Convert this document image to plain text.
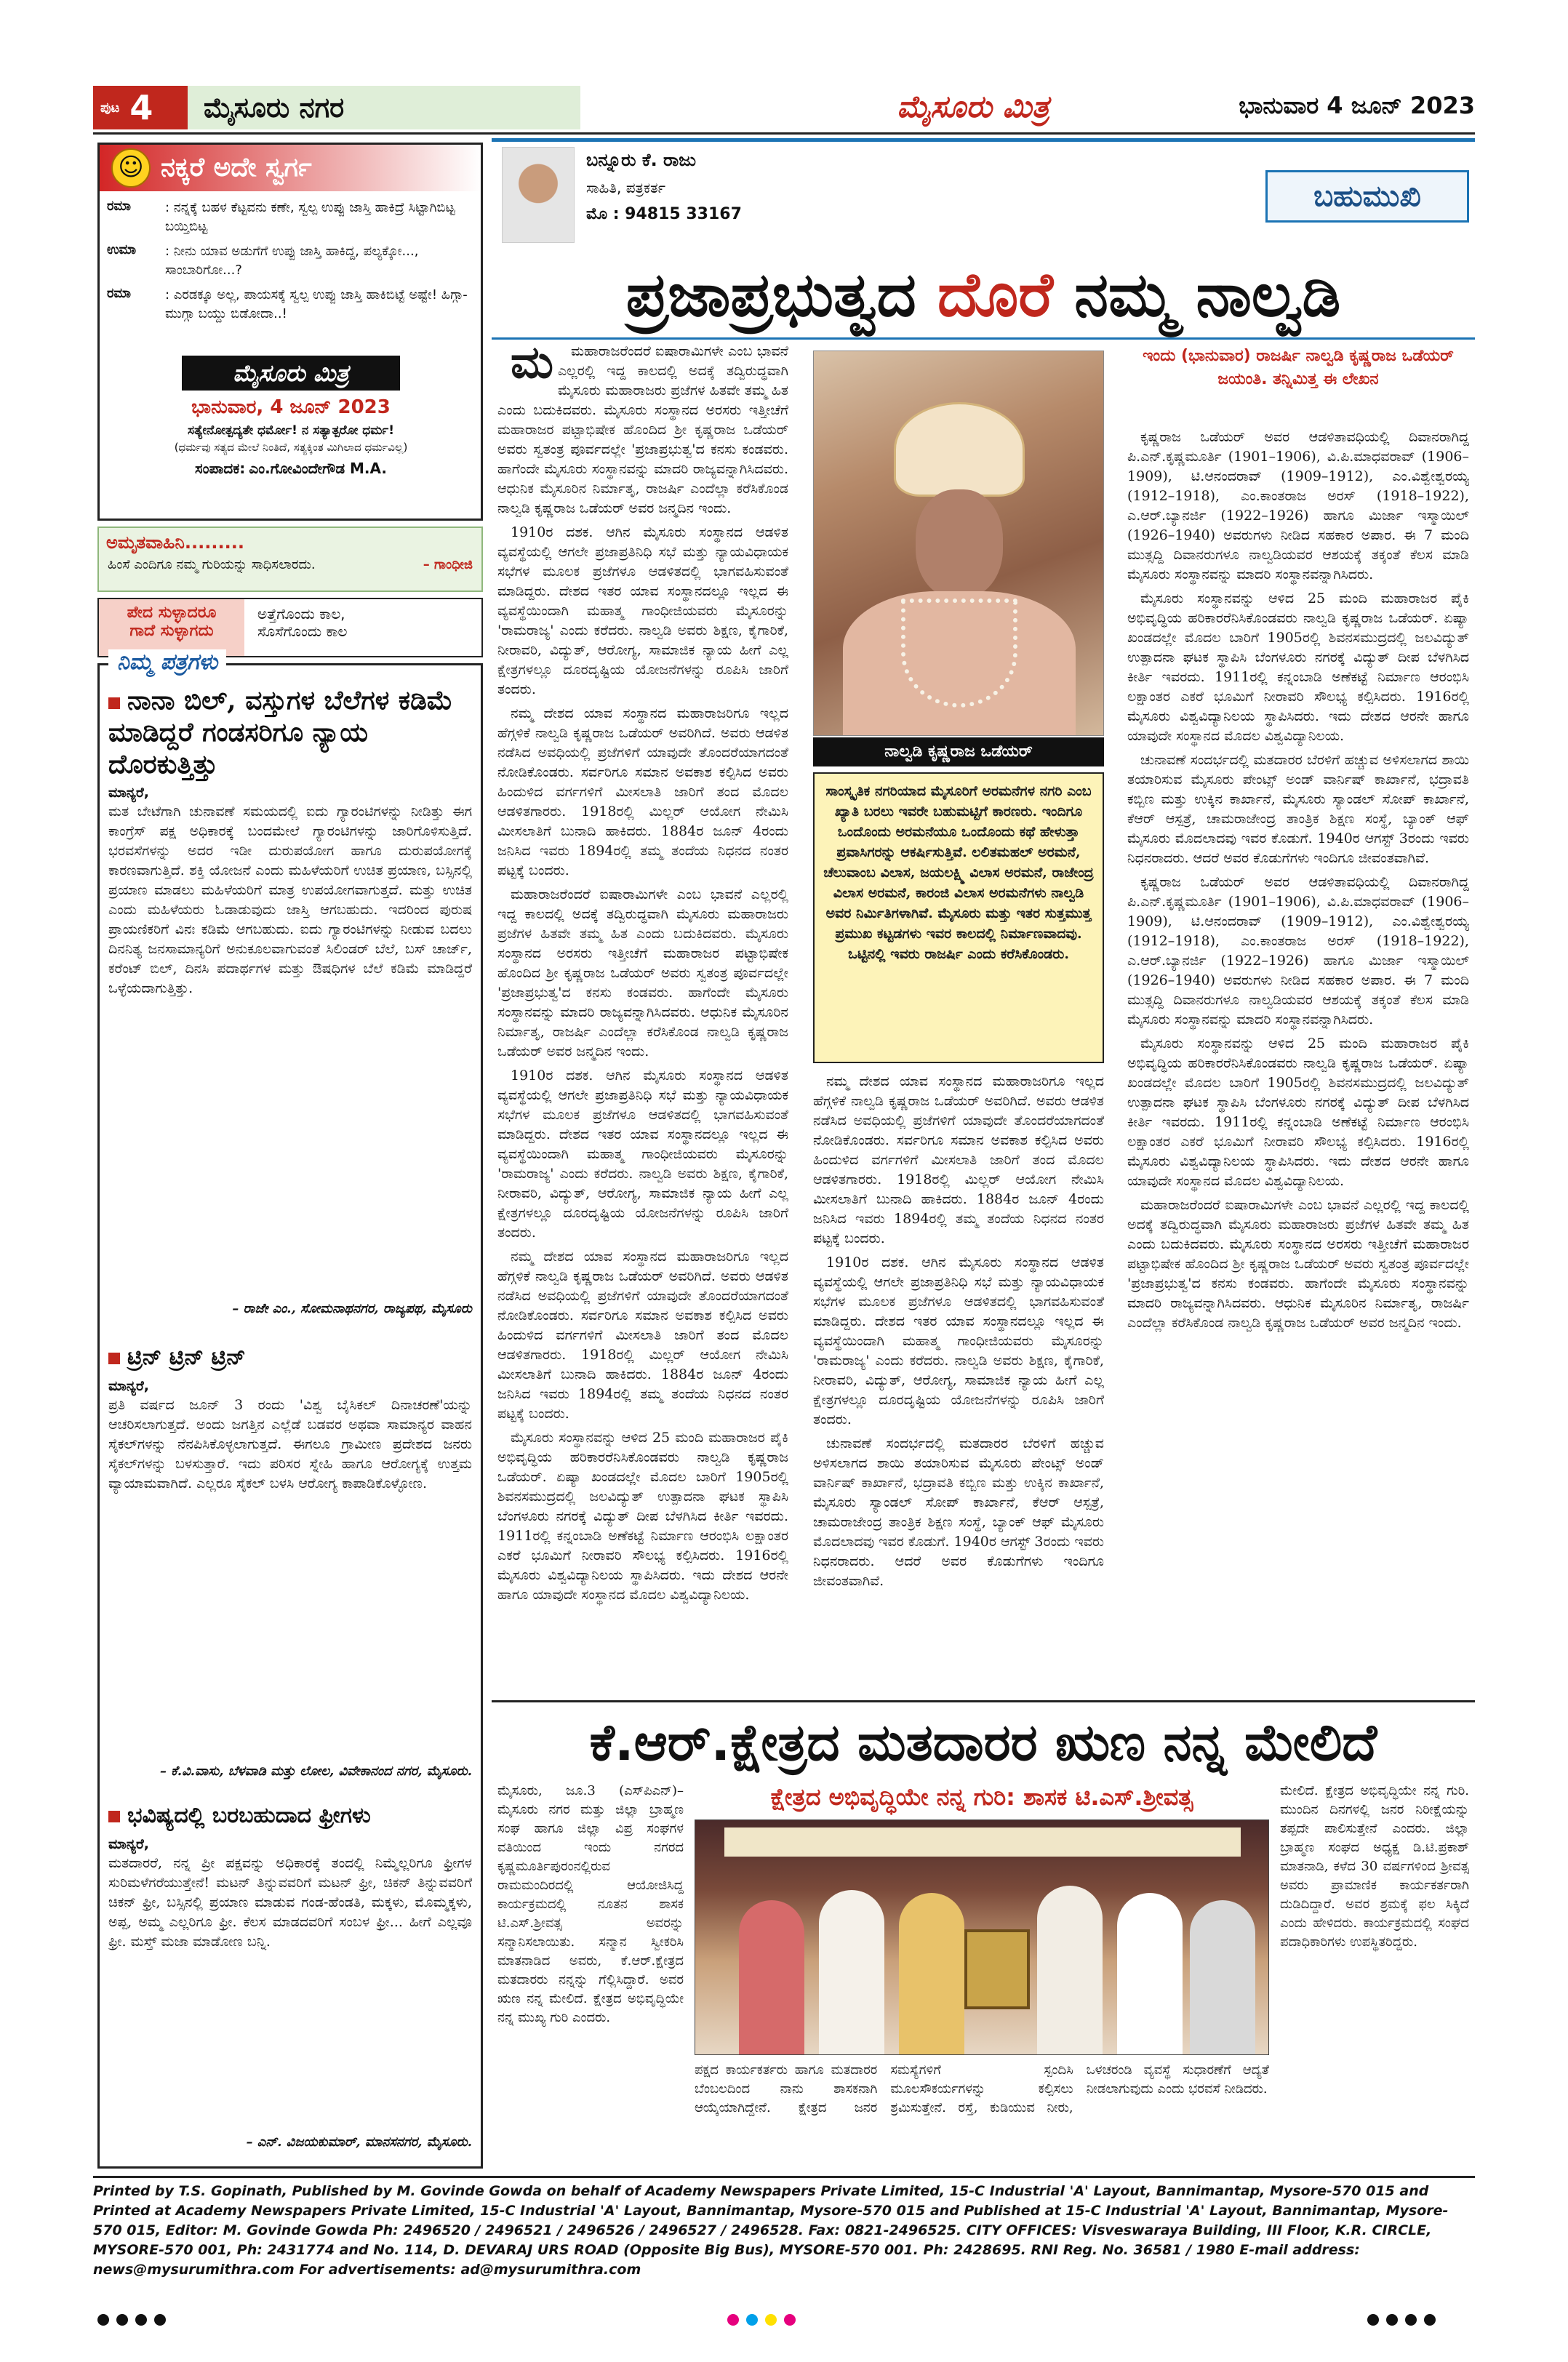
ಪುಟ 4	ಮೈಸೂರು ನಗರ	ಮೈಸೂರು ಮಿತ್ರ	ಭಾನುವಾರ 4 ಜೂನ್ 2023
☺ ನಕ್ಕರೆ ಅದೇ ಸ್ವರ್ಗ
ರಮಾ	: ನನ್ನಕ್ಕೆ ಬಹಳ ಕೆಟ್ಟವನು ಕಣೇ, ಸ್ವಲ್ಪ ಉಪ್ಪು ಜಾಸ್ತಿ ಹಾಕಿದ್ರೆ ಸಿಟ್ಟಾಗಿಬಿಟ್ಟ ಬಯ್ತಿಬಿಟ್ಟ
ಉಮಾ	: ನೀನು ಯಾವ ಅಡುಗೆಗೆ ಉಪ್ಪು ಜಾಸ್ತಿ ಹಾಕಿದ್ದ, ಪಲ್ಯಕ್ಕೋ..., ಸಾಂಬಾರಿಗೋ...?
ರಮಾ	: ಎರಡಕ್ಕೂ ಅಲ್ಲ, ಪಾಯಸಕ್ಕೆ ಸ್ವಲ್ಪ ಉಪ್ಪು ಜಾಸ್ತಿ ಹಾಕಿಬಿಟ್ಟೆ ಅಷ್ಟೇ! ಹಿಗ್ಗಾ-ಮುಗ್ಗಾ ಬಯ್ದು ಬಿಡೋದಾ..!
ಮೈಸೂರು ಮಿತ್ರ
ಭಾನುವಾರ, 4 ಜೂನ್ 2023
ಸತ್ಯೇನೋತ್ಪದ್ಯತೇ ಧರ್ಮೋ! ನ ಸತ್ಯಾತ್ಪರೋ ಧರ್ಮ!
(ಧರ್ಮವು ಸತ್ಯದ ಮೇಲೆ ನಿಂತಿದೆ, ಸತ್ಯಕ್ಕಿಂತ ಮಿಗಿಲಾದ ಧರ್ಮವಿಲ್ಲ)
ಸಂಪಾದಕ: ಎಂ.ಗೋವಿಂದೇಗೌಡ M.A.
ಅಮೃತವಾಹಿನಿ.........
ಹಿಂಸೆ ಎಂದಿಗೂ ನಮ್ಮ ಗುರಿಯನ್ನು ಸಾಧಿಸಲಾರದು.	– ಗಾಂಧೀಜಿ
ಪೇದ ಸುಳ್ಳಾದರೂ
ಗಾದೆ ಸುಳ್ಳಾಗದು
ಅತ್ತೆಗೊಂದು ಕಾಲ,
ಸೊಸೆಗೊಂದು ಕಾಲ
ನಿಮ್ಮ ಪತ್ರಗಳು
ನಾನಾ ಬಿಲ್, ವಸ್ತುಗಳ ಬೆಲೆಗಳ ಕಡಿಮೆ ಮಾಡಿದ್ದರೆ ಗಂಡಸರಿಗೂ ನ್ಯಾಯ ದೊರಕುತ್ತಿತ್ತು
ಮಾನ್ಯರೆ,
ಮತ ಬೇಟೆಗಾಗಿ ಚುನಾವಣೆ ಸಮಯದಲ್ಲಿ ಐದು ಗ್ಯಾರಂಟಿಗಳನ್ನು ನೀಡಿತ್ತು ಈಗ ಕಾಂಗ್ರೆಸ್ ಪಕ್ಷ ಅಧಿಕಾರಕ್ಕೆ ಬಂದಮೇಲೆ ಗ್ಯಾರಂಟಿಗಳನ್ನು ಜಾರಿಗೊಳಿಸುತ್ತಿದೆ. ಭರವಸೆಗಳನ್ನು ಅದರ ಇಡೀ ದುರುಪಯೋಗ ಹಾಗೂ ದುರುಪಯೋಗಕ್ಕೆ ಕಾರಣವಾಗುತ್ತಿದೆ. ಶಕ್ತಿ ಯೋಜನೆ ಎಂದು ಮಹಿಳೆಯರಿಗೆ ಉಚಿತ ಪ್ರಯಾಣ, ಬಸ್ಸಿನಲ್ಲಿ ಪ್ರಯಾಣ ಮಾಡಲು ಮಹಿಳೆಯರಿಗೆ ಮಾತ್ರ ಉಪಯೋಗವಾಗುತ್ತದೆ. ಮತ್ತು ಉಚಿತ ಎಂದು ಮಹಿಳೆಯರು ಓಡಾಡುವುದು ಜಾಸ್ತಿ ಆಗಬಹುದು. ಇದರಿಂದ ಪುರುಷ ಪ್ರಾಯಣಿಕರಿಗೆ ವಿನಃ ಕಡಿಮೆ ಆಗಬಹುದು. ಐದು ಗ್ಯಾರಂಟಿಗಳನ್ನು ನೀಡುವ ಬದಲು ದಿನನಿತ್ಯ ಜನಸಾಮಾನ್ಯರಿಗೆ ಅನುಕೂಲವಾಗುವಂತೆ ಸಿಲಿಂಡರ್ ಬೆಲೆ, ಬಸ್ ಚಾರ್ಜ್, ಕರೆಂಟ್ ಬಿಲ್, ದಿನಸಿ ಪದಾರ್ಥಗಳ ಮತ್ತು ಔಷಧಿಗಳ ಬೆಲೆ ಕಡಿಮೆ ಮಾಡಿದ್ದರೆ ಒಳ್ಳೆಯದಾಗುತ್ತಿತ್ತು.
– ರಾಜೇ ಎಂ., ಸೋಮನಾಥನಗರ, ರಾಜ್ಯಪಥ, ಮೈಸೂರು
ಟ್ರಿನ್ ಟ್ರಿನ್ ಟ್ರಿನ್
ಮಾನ್ಯರೆ,
ಪ್ರತಿ ವರ್ಷದ ಜೂನ್ 3 ರಂದು 'ವಿಶ್ವ ಬೈಸಿಕಲ್ ದಿನಾಚರಣೆ'ಯನ್ನು ಆಚರಿಸಲಾಗುತ್ತದೆ. ಅಂದು ಜಗತ್ತಿನ ಎಲ್ಲೆಡೆ ಬಡವರ ಅಥವಾ ಸಾಮಾನ್ಯರ ವಾಹನ ಸೈಕಲ್‌ಗಳನ್ನು ನೆನಪಿಸಿಕೊಳ್ಳಲಾಗುತ್ತದೆ. ಈಗಲೂ ಗ್ರಾಮೀಣ ಪ್ರದೇಶದ ಜನರು ಸೈಕಲ್‌ಗಳನ್ನು ಬಳಸುತ್ತಾರೆ. ಇದು ಪರಿಸರ ಸ್ನೇಹಿ ಹಾಗೂ ಆರೋಗ್ಯಕ್ಕೆ ಉತ್ತಮ ವ್ಯಾಯಾಮವಾಗಿದೆ. ಎಲ್ಲರೂ ಸೈಕಲ್ ಬಳಸಿ ಆರೋಗ್ಯ ಕಾಪಾಡಿಕೊಳ್ಳೋಣ.
– ಕೆ.ವಿ.ವಾಸು, ಬೆಳವಾಡಿ ಮತ್ತು ಲೋಲ, ವಿವೇಕಾನಂದ ನಗರ, ಮೈಸೂರು.
ಭವಿಷ್ಯದಲ್ಲಿ ಬರಬಹುದಾದ ಫ್ರೀಗಳು
ಮಾನ್ಯರೆ,
ಮತದಾರರೆ, ನನ್ನ ಪ್ರೀ ಪಕ್ಷವನ್ನು ಅಧಿಕಾರಕ್ಕೆ ತಂದಲ್ಲಿ ನಿಮ್ಮೆಲ್ಲರಿಗೂ ಫ್ರೀಗಳ ಸುರಿಮಳೆಗರೆಯುತ್ತೇನೆ! ಮಟನ್ ತಿನ್ನುವವರಿಗೆ ಮಟನ್ ಫ್ರೀ, ಚಿಕನ್ ತಿನ್ನುವವರಿಗೆ ಚಿಕನ್ ಫ್ರೀ, ಬಸ್ಸಿನಲ್ಲಿ ಪ್ರಯಾಣ ಮಾಡುವ ಗಂಡ-ಹೆಂಡತಿ, ಮಕ್ಕಳು, ಮೊಮ್ಮಕ್ಕಳು, ಅಪ್ಪ, ಅಮ್ಮ ಎಲ್ಲರಿಗೂ ಫ್ರೀ. ಕೆಲಸ ಮಾಡದವರಿಗೆ ಸಂಬಳ ಫ್ರೀ... ಹೀಗೆ ಎಲ್ಲವೂ ಫ್ರೀ. ಮಸ್ತ್ ಮಜಾ ಮಾಡೋಣ ಬನ್ನಿ.
– ಎನ್. ವಿಜಯಕುಮಾರ್, ಮಾನಸನಗರ, ಮೈಸೂರು.
ಬನ್ನೂರು ಕೆ. ರಾಜು
ಸಾಹಿತಿ, ಪತ್ರಕರ್ತ
ಮೊ : 94815 33167
ಬಹುಮುಖಿ
ಪ್ರಜಾಪ್ರಭುತ್ವದ ದೊರೆ ನಮ್ಮ ನಾಲ್ವಡಿ

ಮ ಮಹಾರಾಜರೆಂದರೆ ಐಷಾರಾಮಿಗಳೇ ಎಂಬ ಭಾವನೆ ಎಲ್ಲರಲ್ಲಿ ಇದ್ದ ಕಾಲದಲ್ಲಿ ಅದಕ್ಕೆ ತದ್ವಿರುದ್ಧವಾಗಿ ಮೈಸೂರು ಮಹಾರಾಜರು ಪ್ರಜೆಗಳ ಹಿತವೇ ತಮ್ಮ ಹಿತ ಎಂದು ಬದುಕಿದವರು. ಮೈಸೂರು ಸಂಸ್ಥಾನದ ಅರಸರು ಇತ್ತೀಚೆಗೆ ಮಹಾರಾಜರ ಪಟ್ಟಾಭಿಷೇಕ ಹೊಂದಿದ ಶ್ರೀ ಕೃಷ್ಣರಾಜ ಒಡೆಯರ್ ಅವರು ಸ್ವತಂತ್ರ ಪೂರ್ವದಲ್ಲೇ 'ಪ್ರಜಾಪ್ರಭುತ್ವ'ದ ಕನಸು ಕಂಡವರು. ಹಾಗೆಂದೇ ಮೈಸೂರು ಸಂಸ್ಥಾನವನ್ನು ಮಾದರಿ ರಾಜ್ಯವನ್ನಾಗಿಸಿದವರು. ಆಧುನಿಕ ಮೈಸೂರಿನ ನಿರ್ಮಾತೃ, ರಾಜರ್ಷಿ ಎಂದೆಲ್ಲಾ ಕರೆಸಿಕೊಂಡ ನಾಲ್ವಡಿ ಕೃಷ್ಣರಾಜ ಒಡೆಯರ್ ಅವರ ಜನ್ಮದಿನ ಇಂದು.

1910ರ ದಶಕ. ಆಗಿನ ಮೈಸೂರು ಸಂಸ್ಥಾನದ ಆಡಳಿತ ವ್ಯವಸ್ಥೆಯಲ್ಲಿ ಆಗಲೇ ಪ್ರಜಾಪ್ರತಿನಿಧಿ ಸಭೆ ಮತ್ತು ನ್ಯಾಯವಿಧಾಯಕ ಸಭೆಗಳ ಮೂಲಕ ಪ್ರಜೆಗಳೂ ಆಡಳಿತದಲ್ಲಿ ಭಾಗವಹಿಸುವಂತೆ ಮಾಡಿದ್ದರು. ದೇಶದ ಇತರ ಯಾವ ಸಂಸ್ಥಾನದಲ್ಲೂ ಇಲ್ಲದ ಈ ವ್ಯವಸ್ಥೆಯಿಂದಾಗಿ ಮಹಾತ್ಮ ಗಾಂಧೀಜಿಯವರು ಮೈಸೂರನ್ನು 'ರಾಮರಾಜ್ಯ' ಎಂದು ಕರೆದರು. ನಾಲ್ವಡಿ ಅವರು ಶಿಕ್ಷಣ, ಕೈಗಾರಿಕೆ, ನೀರಾವರಿ, ವಿದ್ಯುತ್, ಆರೋಗ್ಯ, ಸಾಮಾಜಿಕ ನ್ಯಾಯ ಹೀಗೆ ಎಲ್ಲ ಕ್ಷೇತ್ರಗಳಲ್ಲೂ ದೂರದೃಷ್ಟಿಯ ಯೋಜನೆಗಳನ್ನು ರೂಪಿಸಿ ಜಾರಿಗೆ ತಂದರು.

ನಮ್ಮ ದೇಶದ ಯಾವ ಸಂಸ್ಥಾನದ ಮಹಾರಾಜರಿಗೂ ಇಲ್ಲದ ಹೆಗ್ಗಳಿಕೆ ನಾಲ್ವಡಿ ಕೃಷ್ಣರಾಜ ಒಡೆಯರ್ ಅವರಿಗಿದೆ. ಅವರು ಆಡಳಿತ ನಡೆಸಿದ ಅವಧಿಯಲ್ಲಿ ಪ್ರಜೆಗಳಿಗೆ ಯಾವುದೇ ತೊಂದರೆಯಾಗದಂತೆ ನೋಡಿಕೊಂಡರು. ಸರ್ವರಿಗೂ ಸಮಾನ ಅವಕಾಶ ಕಲ್ಪಿಸಿದ ಅವರು ಹಿಂದುಳಿದ ವರ್ಗಗಳಿಗೆ ಮೀಸಲಾತಿ ಜಾರಿಗೆ ತಂದ ಮೊದಲ ಆಡಳಿತಗಾರರು. 1918ರಲ್ಲಿ ಮಿಲ್ಲರ್ ಆಯೋಗ ನೇಮಿಸಿ ಮೀಸಲಾತಿಗೆ ಬುನಾದಿ ಹಾಕಿದರು. 1884ರ ಜೂನ್ 4ರಂದು ಜನಿಸಿದ ಇವರು 1894ರಲ್ಲಿ ತಮ್ಮ ತಂದೆಯ ನಿಧನದ ನಂತರ ಪಟ್ಟಕ್ಕೆ ಬಂದರು.

ಮಹಾರಾಜರೆಂದರೆ ಐಷಾರಾಮಿಗಳೇ ಎಂಬ ಭಾವನೆ ಎಲ್ಲರಲ್ಲಿ ಇದ್ದ ಕಾಲದಲ್ಲಿ ಅದಕ್ಕೆ ತದ್ವಿರುದ್ಧವಾಗಿ ಮೈಸೂರು ಮಹಾರಾಜರು ಪ್ರಜೆಗಳ ಹಿತವೇ ತಮ್ಮ ಹಿತ ಎಂದು ಬದುಕಿದವರು. ಮೈಸೂರು ಸಂಸ್ಥಾನದ ಅರಸರು ಇತ್ತೀಚೆಗೆ ಮಹಾರಾಜರ ಪಟ್ಟಾಭಿಷೇಕ ಹೊಂದಿದ ಶ್ರೀ ಕೃಷ್ಣರಾಜ ಒಡೆಯರ್ ಅವರು ಸ್ವತಂತ್ರ ಪೂರ್ವದಲ್ಲೇ 'ಪ್ರಜಾಪ್ರಭುತ್ವ'ದ ಕನಸು ಕಂಡವರು. ಹಾಗೆಂದೇ ಮೈಸೂರು ಸಂಸ್ಥಾನವನ್ನು ಮಾದರಿ ರಾಜ್ಯವನ್ನಾಗಿಸಿದವರು. ಆಧುನಿಕ ಮೈಸೂರಿನ ನಿರ್ಮಾತೃ, ರಾಜರ್ಷಿ ಎಂದೆಲ್ಲಾ ಕರೆಸಿಕೊಂಡ ನಾಲ್ವಡಿ ಕೃಷ್ಣರಾಜ ಒಡೆಯರ್ ಅವರ ಜನ್ಮದಿನ ಇಂದು.

1910ರ ದಶಕ. ಆಗಿನ ಮೈಸೂರು ಸಂಸ್ಥಾನದ ಆಡಳಿತ ವ್ಯವಸ್ಥೆಯಲ್ಲಿ ಆಗಲೇ ಪ್ರಜಾಪ್ರತಿನಿಧಿ ಸಭೆ ಮತ್ತು ನ್ಯಾಯವಿಧಾಯಕ ಸಭೆಗಳ ಮೂಲಕ ಪ್ರಜೆಗಳೂ ಆಡಳಿತದಲ್ಲಿ ಭಾಗವಹಿಸುವಂತೆ ಮಾಡಿದ್ದರು. ದೇಶದ ಇತರ ಯಾವ ಸಂಸ್ಥಾನದಲ್ಲೂ ಇಲ್ಲದ ಈ ವ್ಯವಸ್ಥೆಯಿಂದಾಗಿ ಮಹಾತ್ಮ ಗಾಂಧೀಜಿಯವರು ಮೈಸೂರನ್ನು 'ರಾಮರಾಜ್ಯ' ಎಂದು ಕರೆದರು. ನಾಲ್ವಡಿ ಅವರು ಶಿಕ್ಷಣ, ಕೈಗಾರಿಕೆ, ನೀರಾವರಿ, ವಿದ್ಯುತ್, ಆರೋಗ್ಯ, ಸಾಮಾಜಿಕ ನ್ಯಾಯ ಹೀಗೆ ಎಲ್ಲ ಕ್ಷೇತ್ರಗಳಲ್ಲೂ ದೂರದೃಷ್ಟಿಯ ಯೋಜನೆಗಳನ್ನು ರೂಪಿಸಿ ಜಾರಿಗೆ ತಂದರು.

ನಮ್ಮ ದೇಶದ ಯಾವ ಸಂಸ್ಥಾನದ ಮಹಾರಾಜರಿಗೂ ಇಲ್ಲದ ಹೆಗ್ಗಳಿಕೆ ನಾಲ್ವಡಿ ಕೃಷ್ಣರಾಜ ಒಡೆಯರ್ ಅವರಿಗಿದೆ. ಅವರು ಆಡಳಿತ ನಡೆಸಿದ ಅವಧಿಯಲ್ಲಿ ಪ್ರಜೆಗಳಿಗೆ ಯಾವುದೇ ತೊಂದರೆಯಾಗದಂತೆ ನೋಡಿಕೊಂಡರು. ಸರ್ವರಿಗೂ ಸಮಾನ ಅವಕಾಶ ಕಲ್ಪಿಸಿದ ಅವರು ಹಿಂದುಳಿದ ವರ್ಗಗಳಿಗೆ ಮೀಸಲಾತಿ ಜಾರಿಗೆ ತಂದ ಮೊದಲ ಆಡಳಿತಗಾರರು. 1918ರಲ್ಲಿ ಮಿಲ್ಲರ್ ಆಯೋಗ ನೇಮಿಸಿ ಮೀಸಲಾತಿಗೆ ಬುನಾದಿ ಹಾಕಿದರು. 1884ರ ಜೂನ್ 4ರಂದು ಜನಿಸಿದ ಇವರು 1894ರಲ್ಲಿ ತಮ್ಮ ತಂದೆಯ ನಿಧನದ ನಂತರ ಪಟ್ಟಕ್ಕೆ ಬಂದರು.

ಮೈಸೂರು ಸಂಸ್ಥಾನವನ್ನು ಆಳಿದ 25 ಮಂದಿ ಮಹಾರಾಜರ ಪೈಕಿ ಅಭಿವೃದ್ಧಿಯ ಹರಿಕಾರರೆನಿಸಿಕೊಂಡವರು ನಾಲ್ವಡಿ ಕೃಷ್ಣರಾಜ ಒಡೆಯರ್. ಏಷ್ಯಾ ಖಂಡದಲ್ಲೇ ಮೊದಲ ಬಾರಿಗೆ 1905ರಲ್ಲಿ ಶಿವನಸಮುದ್ರದಲ್ಲಿ ಜಲವಿದ್ಯುತ್ ಉತ್ಪಾದನಾ ಘಟಕ ಸ್ಥಾಪಿಸಿ ಬೆಂಗಳೂರು ನಗರಕ್ಕೆ ವಿದ್ಯುತ್ ದೀಪ ಬೆಳಗಿಸಿದ ಕೀರ್ತಿ ಇವರದು. 1911ರಲ್ಲಿ ಕನ್ನಂಬಾಡಿ ಅಣೆಕಟ್ಟೆ ನಿರ್ಮಾಣ ಆರಂಭಿಸಿ ಲಕ್ಷಾಂತರ ಎಕರೆ ಭೂಮಿಗೆ ನೀರಾವರಿ ಸೌಲಭ್ಯ ಕಲ್ಪಿಸಿದರು. 1916ರಲ್ಲಿ ಮೈಸೂರು ವಿಶ್ವವಿದ್ಯಾನಿಲಯ ಸ್ಥಾಪಿಸಿದರು. ಇದು ದೇಶದ ಆರನೇ ಹಾಗೂ ಯಾವುದೇ ಸಂಸ್ಥಾನದ ಮೊದಲ ವಿಶ್ವವಿದ್ಯಾನಿಲಯ.

ನಾಲ್ವಡಿ ಕೃಷ್ಣರಾಜ ಒಡೆಯರ್
ಸಾಂಸ್ಕೃತಿಕ ನಗರಿಯಾದ ಮೈಸೂರಿಗೆ ಅರಮನೆಗಳ ನಗರಿ ಎಂಬ ಖ್ಯಾತಿ ಬರಲು ಇವರೇ ಬಹುಮಟ್ಟಿಗೆ ಕಾರಣರು. ಇಂದಿಗೂ ಒಂದೊಂದು ಅರಮನೆಯೂ ಒಂದೊಂದು ಕಥೆ ಹೇಳುತ್ತಾ ಪ್ರವಾಸಿಗರನ್ನು ಆಕರ್ಷಿಸುತ್ತಿವೆ. ಲಲಿತಮಹಲ್ ಅರಮನೆ, ಚೆಲುವಾಂಬ ವಿಲಾಸ, ಜಯಲಕ್ಷ್ಮಿ ವಿಲಾಸ ಅರಮನೆ, ರಾಜೇಂದ್ರ ವಿಲಾಸ ಅರಮನೆ, ಕಾರಂಜಿ ವಿಲಾಸ ಅರಮನೆಗಳು ನಾಲ್ವಡಿ ಅವರ ನಿರ್ಮಿತಿಗಳಾಗಿವೆ. ಮೈಸೂರು ಮತ್ತು ಇತರ ಸುತ್ತಮುತ್ತ ಪ್ರಮುಖ ಕಟ್ಟಡಗಳು ಇವರ ಕಾಲದಲ್ಲಿ ನಿರ್ಮಾಣವಾದವು. ಒಟ್ಟಿನಲ್ಲಿ ಇವರು ರಾಜರ್ಷಿ ಎಂದು ಕರೆಸಿಕೊಂಡರು.

ನಮ್ಮ ದೇಶದ ಯಾವ ಸಂಸ್ಥಾನದ ಮಹಾರಾಜರಿಗೂ ಇಲ್ಲದ ಹೆಗ್ಗಳಿಕೆ ನಾಲ್ವಡಿ ಕೃಷ್ಣರಾಜ ಒಡೆಯರ್ ಅವರಿಗಿದೆ. ಅವರು ಆಡಳಿತ ನಡೆಸಿದ ಅವಧಿಯಲ್ಲಿ ಪ್ರಜೆಗಳಿಗೆ ಯಾವುದೇ ತೊಂದರೆಯಾಗದಂತೆ ನೋಡಿಕೊಂಡರು. ಸರ್ವರಿಗೂ ಸಮಾನ ಅವಕಾಶ ಕಲ್ಪಿಸಿದ ಅವರು ಹಿಂದುಳಿದ ವರ್ಗಗಳಿಗೆ ಮೀಸಲಾತಿ ಜಾರಿಗೆ ತಂದ ಮೊದಲ ಆಡಳಿತಗಾರರು. 1918ರಲ್ಲಿ ಮಿಲ್ಲರ್ ಆಯೋಗ ನೇಮಿಸಿ ಮೀಸಲಾತಿಗೆ ಬುನಾದಿ ಹಾಕಿದರು. 1884ರ ಜೂನ್ 4ರಂದು ಜನಿಸಿದ ಇವರು 1894ರಲ್ಲಿ ತಮ್ಮ ತಂದೆಯ ನಿಧನದ ನಂತರ ಪಟ್ಟಕ್ಕೆ ಬಂದರು.

1910ರ ದಶಕ. ಆಗಿನ ಮೈಸೂರು ಸಂಸ್ಥಾನದ ಆಡಳಿತ ವ್ಯವಸ್ಥೆಯಲ್ಲಿ ಆಗಲೇ ಪ್ರಜಾಪ್ರತಿನಿಧಿ ಸಭೆ ಮತ್ತು ನ್ಯಾಯವಿಧಾಯಕ ಸಭೆಗಳ ಮೂಲಕ ಪ್ರಜೆಗಳೂ ಆಡಳಿತದಲ್ಲಿ ಭಾಗವಹಿಸುವಂತೆ ಮಾಡಿದ್ದರು. ದೇಶದ ಇತರ ಯಾವ ಸಂಸ್ಥಾನದಲ್ಲೂ ಇಲ್ಲದ ಈ ವ್ಯವಸ್ಥೆಯಿಂದಾಗಿ ಮಹಾತ್ಮ ಗಾಂಧೀಜಿಯವರು ಮೈಸೂರನ್ನು 'ರಾಮರಾಜ್ಯ' ಎಂದು ಕರೆದರು. ನಾಲ್ವಡಿ ಅವರು ಶಿಕ್ಷಣ, ಕೈಗಾರಿಕೆ, ನೀರಾವರಿ, ವಿದ್ಯುತ್, ಆರೋಗ್ಯ, ಸಾಮಾಜಿಕ ನ್ಯಾಯ ಹೀಗೆ ಎಲ್ಲ ಕ್ಷೇತ್ರಗಳಲ್ಲೂ ದೂರದೃಷ್ಟಿಯ ಯೋಜನೆಗಳನ್ನು ರೂಪಿಸಿ ಜಾರಿಗೆ ತಂದರು.

ಚುನಾವಣೆ ಸಂದರ್ಭದಲ್ಲಿ ಮತದಾರರ ಬೆರಳಿಗೆ ಹಚ್ಚುವ ಅಳಿಸಲಾಗದ ಶಾಯಿ ತಯಾರಿಸುವ ಮೈಸೂರು ಪೇಂಟ್ಸ್ ಅಂಡ್ ವಾರ್ನಿಷ್ ಕಾರ್ಖಾನೆ, ಭದ್ರಾವತಿ ಕಬ್ಬಿಣ ಮತ್ತು ಉಕ್ಕಿನ ಕಾರ್ಖಾನೆ, ಮೈಸೂರು ಸ್ಯಾಂಡಲ್ ಸೋಪ್ ಕಾರ್ಖಾನೆ, ಕೆಆರ್ ಆಸ್ಪತ್ರೆ, ಚಾಮರಾಜೇಂದ್ರ ತಾಂತ್ರಿಕ ಶಿಕ್ಷಣ ಸಂಸ್ಥೆ, ಬ್ಯಾಂಕ್ ಆಫ್ ಮೈಸೂರು ಮೊದಲಾದವು ಇವರ ಕೊಡುಗೆ. 1940ರ ಆಗಸ್ಟ್ 3ರಂದು ಇವರು ನಿಧನರಾದರು. ಆದರೆ ಅವರ ಕೊಡುಗೆಗಳು ಇಂದಿಗೂ ಜೀವಂತವಾಗಿವೆ.

ಇಂದು (ಭಾನುವಾರ) ರಾಜರ್ಷಿ ನಾಲ್ವಡಿ ಕೃಷ್ಣರಾಜ ಒಡೆಯರ್ ಜಯಂತಿ. ತನ್ನಿಮಿತ್ತ ಈ ಲೇಖನ

ಕೃಷ್ಣರಾಜ ಒಡೆಯರ್ ಅವರ ಆಡಳಿತಾವಧಿಯಲ್ಲಿ ದಿವಾನರಾಗಿದ್ದ ಪಿ.ಎನ್.ಕೃಷ್ಣಮೂರ್ತಿ (1901–1906), ವಿ.ಪಿ.ಮಾಧವರಾವ್ (1906–1909), ಟಿ.ಆನಂದರಾವ್ (1909–1912), ಎಂ.ವಿಶ್ವೇಶ್ವರಯ್ಯ (1912–1918), ಎಂ.ಕಾಂತರಾಜ ಅರಸ್ (1918–1922), ಎ.ಆರ್.ಬ್ಯಾನರ್ಜಿ (1922–1926) ಹಾಗೂ ಮಿರ್ಜಾ ಇಸ್ಮಾಯಿಲ್ (1926–1940) ಅವರುಗಳು ನೀಡಿದ ಸಹಕಾರ ಅಪಾರ. ಈ 7 ಮಂದಿ ಮುತ್ಸದ್ದಿ ದಿವಾನರುಗಳೂ ನಾಲ್ವಡಿಯವರ ಆಶಯಕ್ಕೆ ತಕ್ಕಂತೆ ಕೆಲಸ ಮಾಡಿ ಮೈಸೂರು ಸಂಸ್ಥಾನವನ್ನು ಮಾದರಿ ಸಂಸ್ಥಾನವನ್ನಾಗಿಸಿದರು.

ಮೈಸೂರು ಸಂಸ್ಥಾನವನ್ನು ಆಳಿದ 25 ಮಂದಿ ಮಹಾರಾಜರ ಪೈಕಿ ಅಭಿವೃದ್ಧಿಯ ಹರಿಕಾರರೆನಿಸಿಕೊಂಡವರು ನಾಲ್ವಡಿ ಕೃಷ್ಣರಾಜ ಒಡೆಯರ್. ಏಷ್ಯಾ ಖಂಡದಲ್ಲೇ ಮೊದಲ ಬಾರಿಗೆ 1905ರಲ್ಲಿ ಶಿವನಸಮುದ್ರದಲ್ಲಿ ಜಲವಿದ್ಯುತ್ ಉತ್ಪಾದನಾ ಘಟಕ ಸ್ಥಾಪಿಸಿ ಬೆಂಗಳೂರು ನಗರಕ್ಕೆ ವಿದ್ಯುತ್ ದೀಪ ಬೆಳಗಿಸಿದ ಕೀರ್ತಿ ಇವರದು. 1911ರಲ್ಲಿ ಕನ್ನಂಬಾಡಿ ಅಣೆಕಟ್ಟೆ ನಿರ್ಮಾಣ ಆರಂಭಿಸಿ ಲಕ್ಷಾಂತರ ಎಕರೆ ಭೂಮಿಗೆ ನೀರಾವರಿ ಸೌಲಭ್ಯ ಕಲ್ಪಿಸಿದರು. 1916ರಲ್ಲಿ ಮೈಸೂರು ವಿಶ್ವವಿದ್ಯಾನಿಲಯ ಸ್ಥಾಪಿಸಿದರು. ಇದು ದೇಶದ ಆರನೇ ಹಾಗೂ ಯಾವುದೇ ಸಂಸ್ಥಾನದ ಮೊದಲ ವಿಶ್ವವಿದ್ಯಾನಿಲಯ.

ಚುನಾವಣೆ ಸಂದರ್ಭದಲ್ಲಿ ಮತದಾರರ ಬೆರಳಿಗೆ ಹಚ್ಚುವ ಅಳಿಸಲಾಗದ ಶಾಯಿ ತಯಾರಿಸುವ ಮೈಸೂರು ಪೇಂಟ್ಸ್ ಅಂಡ್ ವಾರ್ನಿಷ್ ಕಾರ್ಖಾನೆ, ಭದ್ರಾವತಿ ಕಬ್ಬಿಣ ಮತ್ತು ಉಕ್ಕಿನ ಕಾರ್ಖಾನೆ, ಮೈಸೂರು ಸ್ಯಾಂಡಲ್ ಸೋಪ್ ಕಾರ್ಖಾನೆ, ಕೆಆರ್ ಆಸ್ಪತ್ರೆ, ಚಾಮರಾಜೇಂದ್ರ ತಾಂತ್ರಿಕ ಶಿಕ್ಷಣ ಸಂಸ್ಥೆ, ಬ್ಯಾಂಕ್ ಆಫ್ ಮೈಸೂರು ಮೊದಲಾದವು ಇವರ ಕೊಡುಗೆ. 1940ರ ಆಗಸ್ಟ್ 3ರಂದು ಇವರು ನಿಧನರಾದರು. ಆದರೆ ಅವರ ಕೊಡುಗೆಗಳು ಇಂದಿಗೂ ಜೀವಂತವಾಗಿವೆ.

ಕೃಷ್ಣರಾಜ ಒಡೆಯರ್ ಅವರ ಆಡಳಿತಾವಧಿಯಲ್ಲಿ ದಿವಾನರಾಗಿದ್ದ ಪಿ.ಎನ್.ಕೃಷ್ಣಮೂರ್ತಿ (1901–1906), ವಿ.ಪಿ.ಮಾಧವರಾವ್ (1906–1909), ಟಿ.ಆನಂದರಾವ್ (1909–1912), ಎಂ.ವಿಶ್ವೇಶ್ವರಯ್ಯ (1912–1918), ಎಂ.ಕಾಂತರಾಜ ಅರಸ್ (1918–1922), ಎ.ಆರ್.ಬ್ಯಾನರ್ಜಿ (1922–1926) ಹಾಗೂ ಮಿರ್ಜಾ ಇಸ್ಮಾಯಿಲ್ (1926–1940) ಅವರುಗಳು ನೀಡಿದ ಸಹಕಾರ ಅಪಾರ. ಈ 7 ಮಂದಿ ಮುತ್ಸದ್ದಿ ದಿವಾನರುಗಳೂ ನಾಲ್ವಡಿಯವರ ಆಶಯಕ್ಕೆ ತಕ್ಕಂತೆ ಕೆಲಸ ಮಾಡಿ ಮೈಸೂರು ಸಂಸ್ಥಾನವನ್ನು ಮಾದರಿ ಸಂಸ್ಥಾನವನ್ನಾಗಿಸಿದರು.

ಮೈಸೂರು ಸಂಸ್ಥಾನವನ್ನು ಆಳಿದ 25 ಮಂದಿ ಮಹಾರಾಜರ ಪೈಕಿ ಅಭಿವೃದ್ಧಿಯ ಹರಿಕಾರರೆನಿಸಿಕೊಂಡವರು ನಾಲ್ವಡಿ ಕೃಷ್ಣರಾಜ ಒಡೆಯರ್. ಏಷ್ಯಾ ಖಂಡದಲ್ಲೇ ಮೊದಲ ಬಾರಿಗೆ 1905ರಲ್ಲಿ ಶಿವನಸಮುದ್ರದಲ್ಲಿ ಜಲವಿದ್ಯುತ್ ಉತ್ಪಾದನಾ ಘಟಕ ಸ್ಥಾಪಿಸಿ ಬೆಂಗಳೂರು ನಗರಕ್ಕೆ ವಿದ್ಯುತ್ ದೀಪ ಬೆಳಗಿಸಿದ ಕೀರ್ತಿ ಇವರದು. 1911ರಲ್ಲಿ ಕನ್ನಂಬಾಡಿ ಅಣೆಕಟ್ಟೆ ನಿರ್ಮಾಣ ಆರಂಭಿಸಿ ಲಕ್ಷಾಂತರ ಎಕರೆ ಭೂಮಿಗೆ ನೀರಾವರಿ ಸೌಲಭ್ಯ ಕಲ್ಪಿಸಿದರು. 1916ರಲ್ಲಿ ಮೈಸೂರು ವಿಶ್ವವಿದ್ಯಾನಿಲಯ ಸ್ಥಾಪಿಸಿದರು. ಇದು ದೇಶದ ಆರನೇ ಹಾಗೂ ಯಾವುದೇ ಸಂಸ್ಥಾನದ ಮೊದಲ ವಿಶ್ವವಿದ್ಯಾನಿಲಯ.

ಮಹಾರಾಜರೆಂದರೆ ಐಷಾರಾಮಿಗಳೇ ಎಂಬ ಭಾವನೆ ಎಲ್ಲರಲ್ಲಿ ಇದ್ದ ಕಾಲದಲ್ಲಿ ಅದಕ್ಕೆ ತದ್ವಿರುದ್ಧವಾಗಿ ಮೈಸೂರು ಮಹಾರಾಜರು ಪ್ರಜೆಗಳ ಹಿತವೇ ತಮ್ಮ ಹಿತ ಎಂದು ಬದುಕಿದವರು. ಮೈಸೂರು ಸಂಸ್ಥಾನದ ಅರಸರು ಇತ್ತೀಚೆಗೆ ಮಹಾರಾಜರ ಪಟ್ಟಾಭಿಷೇಕ ಹೊಂದಿದ ಶ್ರೀ ಕೃಷ್ಣರಾಜ ಒಡೆಯರ್ ಅವರು ಸ್ವತಂತ್ರ ಪೂರ್ವದಲ್ಲೇ 'ಪ್ರಜಾಪ್ರಭುತ್ವ'ದ ಕನಸು ಕಂಡವರು. ಹಾಗೆಂದೇ ಮೈಸೂರು ಸಂಸ್ಥಾನವನ್ನು ಮಾದರಿ ರಾಜ್ಯವನ್ನಾಗಿಸಿದವರು. ಆಧುನಿಕ ಮೈಸೂರಿನ ನಿರ್ಮಾತೃ, ರಾಜರ್ಷಿ ಎಂದೆಲ್ಲಾ ಕರೆಸಿಕೊಂಡ ನಾಲ್ವಡಿ ಕೃಷ್ಣರಾಜ ಒಡೆಯರ್ ಅವರ ಜನ್ಮದಿನ ಇಂದು.

ಕೆ.ಆರ್.ಕ್ಷೇತ್ರದ ಮತದಾರರ ಋಣ ನನ್ನ ಮೇಲಿದೆ
ಮೈಸೂರು, ಜೂ.3 (ಎಸ್‌ಪಿಎನ್)– ಮೈಸೂರು ನಗರ ಮತ್ತು ಜಿಲ್ಲಾ ಬ್ರಾಹ್ಮಣ ಸಂಘ ಹಾಗೂ ಜಿಲ್ಲಾ ವಿಪ್ರ ಸಂಘಗಳ ವತಿಯಿಂದ ಇಂದು ನಗರದ ಕೃಷ್ಣಮೂರ್ತಿಪುರಂನಲ್ಲಿರುವ ರಾಮಮಂದಿರದಲ್ಲಿ ಆಯೋಜಿಸಿದ್ದ ಕಾರ್ಯಕ್ರಮದಲ್ಲಿ ನೂತನ ಶಾಸಕ ಟಿ.ಎಸ್.ಶ್ರೀವತ್ಸ ಅವರನ್ನು ಸನ್ಮಾನಿಸಲಾಯಿತು. ಸನ್ಮಾನ ಸ್ವೀಕರಿಸಿ ಮಾತನಾಡಿದ ಅವರು, ಕೆ.ಆರ್.ಕ್ಷೇತ್ರದ ಮತದಾರರು ನನ್ನನ್ನು ಗೆಲ್ಲಿಸಿದ್ದಾರೆ. ಅವರ ಋಣ ನನ್ನ ಮೇಲಿದೆ. ಕ್ಷೇತ್ರದ ಅಭಿವೃದ್ಧಿಯೇ ನನ್ನ ಮುಖ್ಯ ಗುರಿ ಎಂದರು.
ಕ್ಷೇತ್ರದ ಅಭಿವೃದ್ಧಿಯೇ ನನ್ನ ಗುರಿ: ಶಾಸಕ ಟಿ.ಎಸ್.ಶ್ರೀವತ್ಸ
ಪಕ್ಷದ ಕಾರ್ಯಕರ್ತರು ಹಾಗೂ ಮತದಾರರ ಬೆಂಬಲದಿಂದ ನಾನು ಶಾಸಕನಾಗಿ ಆಯ್ಕೆಯಾಗಿದ್ದೇನೆ. ಕ್ಷೇತ್ರದ ಜನರ ಸಮಸ್ಯೆಗಳಿಗೆ ಸ್ಪಂದಿಸಿ ಮೂಲಸೌಕರ್ಯಗಳನ್ನು ಕಲ್ಪಿಸಲು ಶ್ರಮಿಸುತ್ತೇನೆ. ರಸ್ತೆ, ಕುಡಿಯುವ ನೀರು, ಒಳಚರಂಡಿ ವ್ಯವಸ್ಥೆ ಸುಧಾರಣೆಗೆ ಆದ್ಯತೆ ನೀಡಲಾಗುವುದು ಎಂದು ಭರವಸೆ ನೀಡಿದರು.
ಮೇಲಿದೆ. ಕ್ಷೇತ್ರದ ಅಭಿವೃದ್ಧಿಯೇ ನನ್ನ ಗುರಿ. ಮುಂದಿನ ದಿನಗಳಲ್ಲಿ ಜನರ ನಿರೀಕ್ಷೆಯನ್ನು ತಪ್ಪದೇ ಪಾಲಿಸುತ್ತೇನೆ ಎಂದರು. ಜಿಲ್ಲಾ ಬ್ರಾಹ್ಮಣ ಸಂಘದ ಅಧ್ಯಕ್ಷ ಡಿ.ಟಿ.ಪ್ರಕಾಶ್ ಮಾತನಾಡಿ, ಕಳೆದ 30 ವರ್ಷಗಳಿಂದ ಶ್ರೀವತ್ಸ ಅವರು ಪ್ರಾಮಾಣಿಕ ಕಾರ್ಯಕರ್ತರಾಗಿ ದುಡಿದಿದ್ದಾರೆ. ಅವರ ಶ್ರಮಕ್ಕೆ ಫಲ ಸಿಕ್ಕಿದೆ ಎಂದು ಹೇಳಿದರು. ಕಾರ್ಯಕ್ರಮದಲ್ಲಿ ಸಂಘದ ಪದಾಧಿಕಾರಿಗಳು ಉಪಸ್ಥಿತರಿದ್ದರು.
Printed by T.S. Gopinath, Published by M. Govinde Gowda on behalf of Academy Newspapers Private Limited, 15-C Industrial 'A' Layout, Bannimantap, Mysore-570 015 and Printed at Academy Newspapers Private Limited, 15-C Industrial 'A' Layout, Bannimantap, Mysore-570 015 and Published at 15-C Industrial 'A' Layout, Bannimantap, Mysore-570 015, Editor: M. Govinde Gowda Ph: 2496520 / 2496521 / 2496526 / 2496527 / 2496528. Fax: 0821-2496525. CITY OFFICES: Visveswaraya Building, III Floor, K.R. CIRCLE, MYSORE-570 001, Ph: 2431774 and No. 114, D. DEVARAJ URS ROAD (Opposite Big Bus), MYSORE-570 001. Ph: 2428695. RNI Reg. No. 36581 / 1980 E-mail address: news@mysurumithra.com For advertisements: ad@mysurumithra.com
